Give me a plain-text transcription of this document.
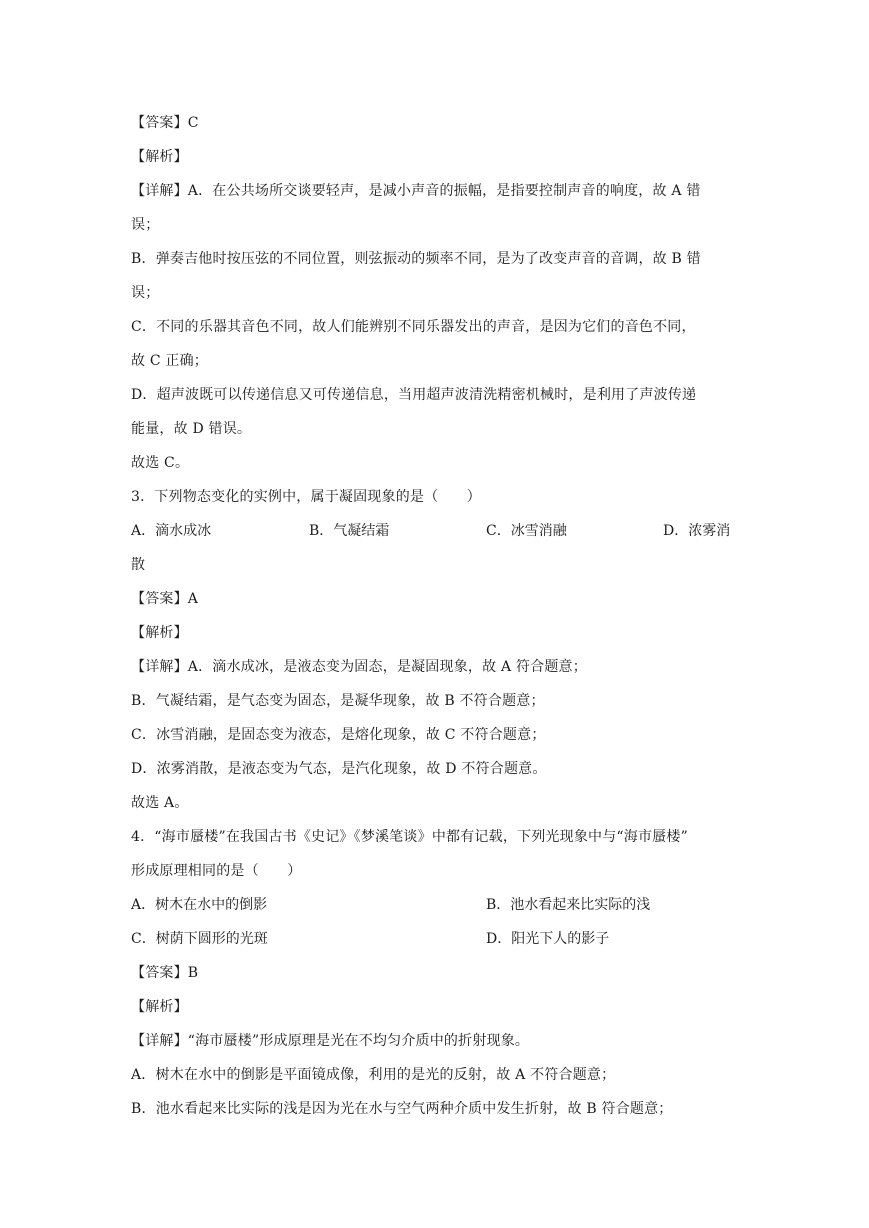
【答案】C
【解析】
【详解】A．在公共场所交谈要轻声，是减小声音的振幅，是指要控制声音的响度，故 A 错
误；
B．弹奏吉他时按压弦的不同位置，则弦振动的频率不同，是为了改变声音的音调，故 B 错
误；
C．不同的乐器其音色不同，故人们能辨别不同乐器发出的声音，是因为它们的音色不同，
故 C 正确；
D．超声波既可以传递信息又可传递信息，当用超声波清洗精密机械时，是利用了声波传递
能量，故 D 错误。
故选 C。
3．下列物态变化的实例中，属于凝固现象的是（　　）
A．滴水成冰	B．气凝结霜	C．冰雪消融	D．浓雾消
散
【答案】A
【解析】
【详解】A．滴水成冰，是液态变为固态，是凝固现象，故 A 符合题意；
B．气凝结霜，是气态变为固态，是凝华现象，故 B 不符合题意；
C．冰雪消融，是固态变为液态，是熔化现象，故 C 不符合题意；
D．浓雾消散，是液态变为气态，是汽化现象，故 D 不符合题意。
故选 A。
4．“海市蜃楼”在我国古书《史记》《梦溪笔谈》中都有记载，下列光现象中与“海市蜃楼”
形成原理相同的是（　　）
A．树木在水中的倒影	B．池水看起来比实际的浅
C．树荫下圆形的光斑	D．阳光下人的影子
【答案】B
【解析】
【详解】“海市蜃楼”形成原理是光在不均匀介质中的折射现象。
A．树木在水中的倒影是平面镜成像，利用的是光的反射，故 A 不符合题意；
B．池水看起来比实际的浅是因为光在水与空气两种介质中发生折射，故 B 符合题意；
